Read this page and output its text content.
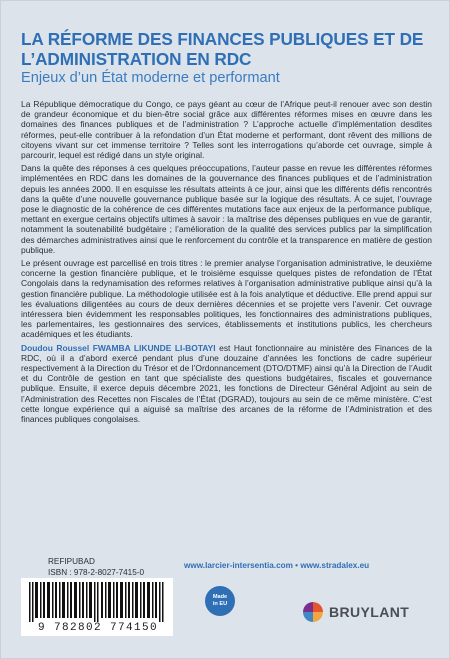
LA RÉFORME DES FINANCES PUBLIQUES ET DE L’ADMINISTRATION EN RDC
Enjeux d’un État moderne et performant

La République démocratique du Congo, ce pays géant au cœur de l’Afrique peut-il renouer avec son destin de grandeur économique et du bien-être social grâce aux différentes réformes mises en œuvre dans les domaines des finances publiques et de l’administration ? L’approche actuelle d’implémentation desdites réformes, peut-elle contribuer à la refondation d’un État moderne et performant, dont rêvent des millions de citoyens vivant sur cet immense territoire ? Telles sont les interrogations qu’aborde cet ouvrage, simple à parcourir, lequel est rédigé dans un style original.

Dans la quête des réponses à ces quelques préoccupations, l’auteur passe en revue les différentes réformes implémentées en RDC dans les domaines de la gouvernance des finances publiques et de l’administration depuis les années 2000. Il en esquisse les résultats atteints à ce jour, ainsi que les différents défis rencontrés dans la quête d’une nouvelle gouvernance publique basée sur la logique des résultats. À ce sujet, l’ouvrage pose le diagnostic de la cohérence de ces différentes mutations face aux enjeux de la performance publique, mettant en exergue certains objectifs ultimes à savoir : la maîtrise des dépenses publiques en vue de garantir, notamment la soutenabilité budgétaire ; l’amélioration de la qualité des services publics par la simplification des démarches administratives ainsi que le renforcement du contrôle et la transparence en matière de gestion publique.

Le présent ouvrage est parcellisé en trois titres : le premier analyse l’organisation administrative, le deuxième concerne la gestion financière publique, et le troisième esquisse quelques pistes de refondation de l’État Congolais dans la redynamisation des reformes relatives à l’organisation administrative publique ainsi qu’à la gestion financière publique. La méthodologie utilisée est à la fois analytique et déductive. Elle prend appui sur les évaluations diligentées au cours de deux dernières décennies et se projette vers l’avenir. Cet ouvrage intéressera bien évidemment les responsables politiques, les fonctionnaires des administrations publiques, les parlementaires, les gestionnaires des services, établissements et institutions publics, les chercheurs académiques et les étudiants.

Doudou Roussel FWAMBA LIKUNDE LI-BOTAYI est Haut fonctionnaire au ministère des Finances de la RDC, où il a d’abord exercé pendant plus d’une douzaine d’années les fonctions de cadre supérieur respectivement à la Direction du Trésor et de l’Ordonnancement (DTO/DTMF) ainsi qu’à la Direction de l’Audit et du Contrôle de gestion en tant que spécialiste des questions budgétaires, fiscales et gouvernance publique. Ensuite, il exerce depuis décembre 2021, les fonctions de Directeur Général Adjoint au sein de l’Administration des Recettes non Fiscales de l’État (DGRAD), toujours au sein de ce même ministère. C’est cette longue expérience qui a aiguisé sa maîtrise des arcanes de la réforme de l’Administration et des finances publiques congolaises.

REFIPUBAD
ISBN : 978-2-8027-7415-0
9 782802 774150
www.larcier-intersentia.com • www.stradalex.eu
Made
in EU	BRUYLANT
